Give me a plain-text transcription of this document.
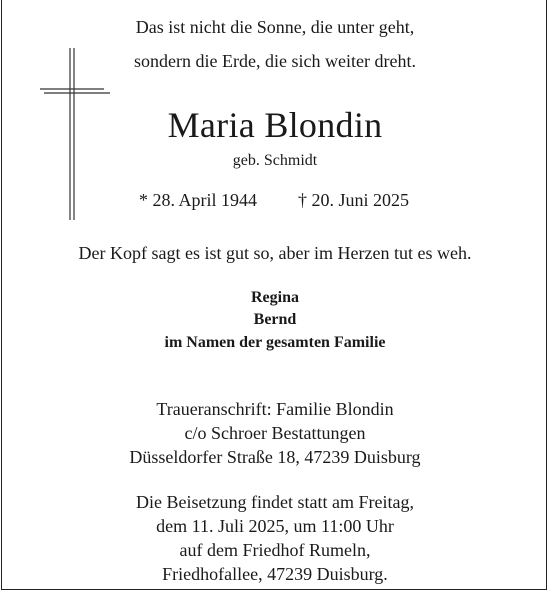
Das ist nicht die Sonne, die unter geht,
sondern die Erde, die sich weiter dreht.
Maria Blondin
geb. Schmidt
* 28. April 1944 † 20. Juni 2025
Der Kopf sagt es ist gut so, aber im Herzen tut es weh.
Regina
Bernd
im Namen der gesamten Familie
Traueranschrift: Familie Blondin
c/o Schroer Bestattungen
Düsseldorfer Straße 18, 47239 Duisburg
Die Beisetzung findet statt am Freitag,
dem 11. Juli 2025, um 11:00 Uhr
auf dem Friedhof Rumeln,
Friedhofallee, 47239 Duisburg.
